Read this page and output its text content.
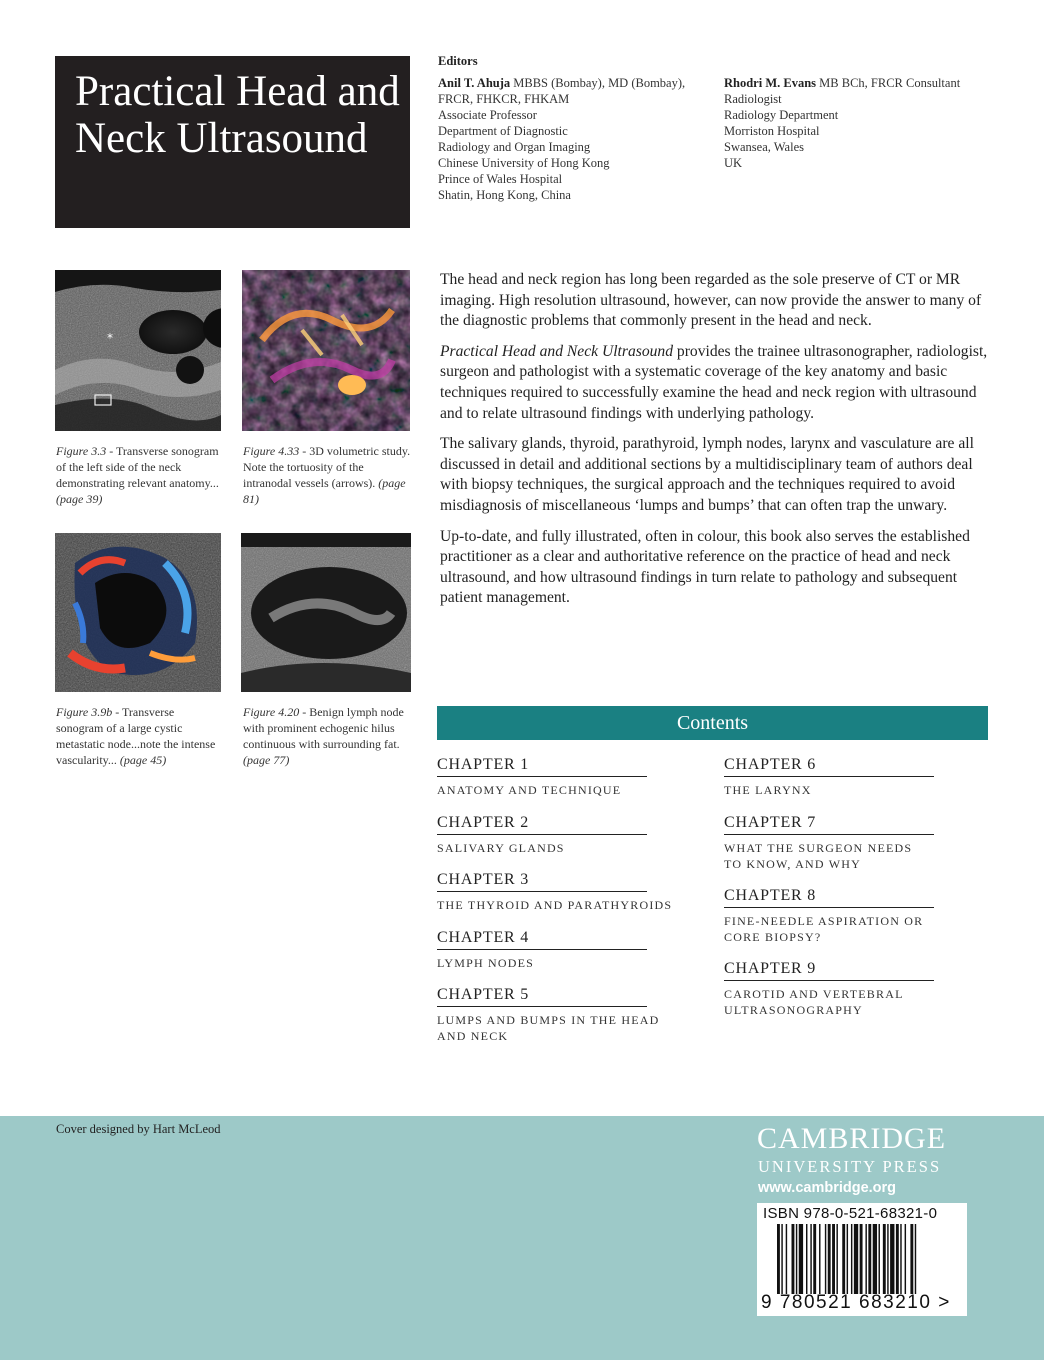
Practical Head and Neck Ultrasound
Editors
Anil T. Ahuja MBBS (Bombay), MD (Bombay),
FRCR, FHKCR, FHKAM
Associate Professor
Department of Diagnostic
Radiology and Organ Imaging
Chinese University of Hong Kong
Prince of Wales Hospital
Shatin, Hong Kong, China
Rhodri M. Evans MB BCh, FRCR Consultant
Radiologist
Radiology Department
Morriston Hospital
Swansea, Wales
UK
*
Figure 3.3 - Transverse sonogram of the left side of the neck demonstrating relevant anatomy... (page 39)
Figure 4.33 - 3D volumetric study. Note the tortuosity of the intranodal vessels (arrows). (page 81)
Figure 3.9b - Transverse sonogram of a large cystic metastatic node...note the intense vascularity... (page 45)
Figure 4.20 - Benign lymph node with prominent echogenic hilus continuous with surrounding fat. (page 77)

The head and neck region has long been regarded as the sole preserve of CT or MR imaging. High resolution ultrasound, however, can now provide the answer to many of the diagnostic problems that commonly present in the head and neck.

Practical Head and Neck Ultrasound provides the trainee ultrasonographer, radiologist, surgeon and pathologist with a systematic coverage of the key anatomy and basic techniques required to successfully examine the head and neck region with ultrasound and to relate ultrasound findings with underlying pathology.

The salivary glands, thyroid, parathyroid, lymph nodes, larynx and vasculature are all discussed in detail and additional sections by a multidisciplinary team of authors deal with biopsy techniques, the surgical approach and the techniques required to avoid misdiagnosis of miscellaneous ‘lumps and bumps’ that can often trap the unwary.

Up-to-date, and fully illustrated, often in colour, this book also serves the established practitioner as a clear and authoritative reference on the practice of head and neck ultrasound, and how ultrasound findings in turn relate to pathology and subsequent patient management.

Contents
CHAPTER 1
ANATOMY AND TECHNIQUE
CHAPTER 2
SALIVARY GLANDS
CHAPTER 3
THE THYROID AND PARATHYROIDS
CHAPTER 4
LYMPH NODES
CHAPTER 5
LUMPS AND BUMPS IN THE HEAD AND NECK
CHAPTER 6
THE LARYNX
CHAPTER 7
WHAT THE SURGEON NEEDS TO KNOW, AND WHY
CHAPTER 8
FINE-NEEDLE ASPIRATION OR CORE BIOPSY?
CHAPTER 9
CAROTID AND VERTEBRAL ULTRASONOGRAPHY
Cover designed by Hart McLeod	CAMBRIDGE
UNIVERSITY PRESS
www.cambridge.org
ISBN 978-0-521-68321-0
9 780521 683210 >
